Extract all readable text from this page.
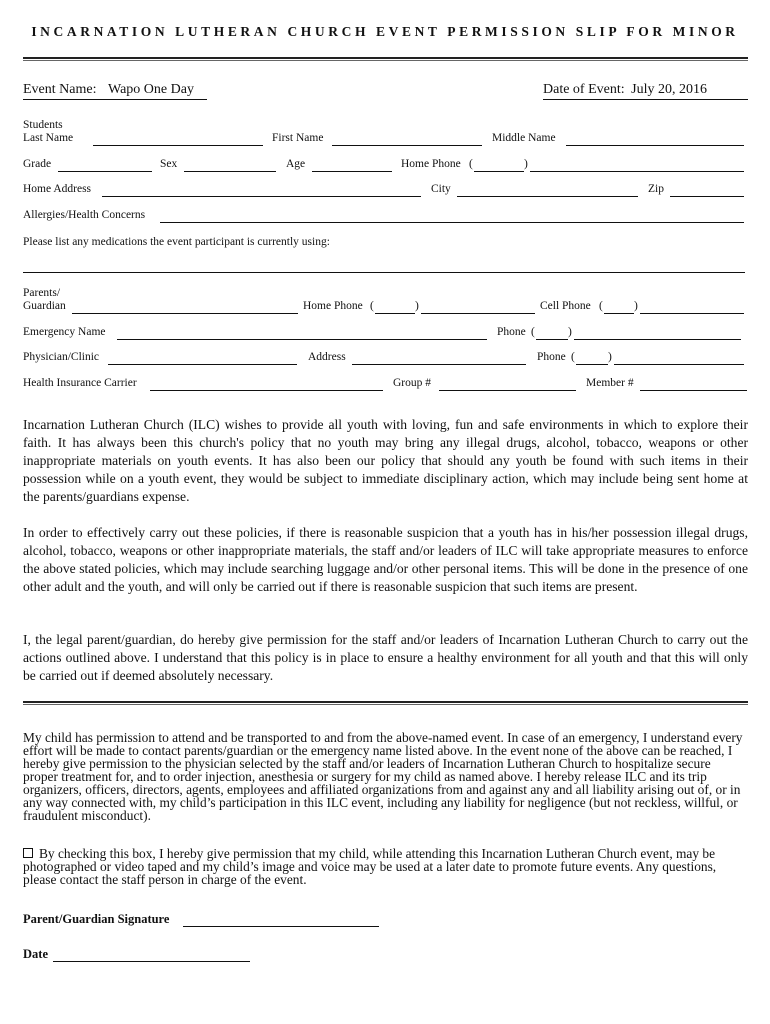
INCARNATION LUTHERAN CHURCH EVENT PERMISSION SLIP FOR MINOR
Event Name: Wapo One Day	Date of Event: July 20, 2016
Students
Last Name	First Name	Middle Name
Grade	Sex	Age	Home Phone (	)
Home Address	City	Zip
Allergies/Health Concerns
Please list any medications the event participant is currently using:
Parents/
Guardian	Home Phone (	)	Cell Phone (	)
Emergency Name	Phone (	)
Physician/Clinic	Address	Phone (	)
Health Insurance Carrier	Group #	Member #
Incarnation Lutheran Church (ILC) wishes to provide all youth with loving, fun and safe environments in which to explore their faith. It has always been this church's policy that no youth may bring any illegal drugs, alcohol, tobacco, weapons or other inappropriate materials on youth events. It has also been our policy that should any youth be found with such items in their possession while on a youth event, they would be subject to immediate disciplinary action, which may include being sent home at the parents/guardians expense.
In order to effectively carry out these policies, if there is reasonable suspicion that a youth has in his/her possession illegal drugs, alcohol, tobacco, weapons or other inappropriate materials, the staff and/or leaders of ILC will take appropriate measures to enforce the above stated policies, which may include searching luggage and/or other personal items. This will be done in the presence of one other adult and the youth, and will only be carried out if there is reasonable suspicion that such items are present.
I, the legal parent/guardian, do hereby give permission for the staff and/or leaders of Incarnation Lutheran Church to carry out the actions outlined above. I understand that this policy is in place to ensure a healthy environment for all youth and that this will only be carried out if deemed absolutely necessary.
My child has permission to attend and be transported to and from the above-named event. In case of an emergency, I understand every effort will be made to contact parents/guardian or the emergency name listed above. In the event none of the above can be reached, I hereby give permission to the physician selected by the staff and/or leaders of Incarnation Lutheran Church to hospitalize secure proper treatment for, and to order injection, anesthesia or surgery for my child as named above. I hereby release ILC and its trip organizers, officers, directors, agents, employees and affiliated organizations from and against any and all liability arising out of, or in any way connected with, my child’s participation in this ILC event, including any liability for negligence (but not reckless, willful, or fraudulent misconduct).
By checking this box, I hereby give permission that my child, while attending this Incarnation Lutheran Church event, may be photographed or video taped and my child’s image and voice may be used at a later date to promote future events. Any questions, please contact the staff person in charge of the event.
Parent/Guardian Signature
Date
